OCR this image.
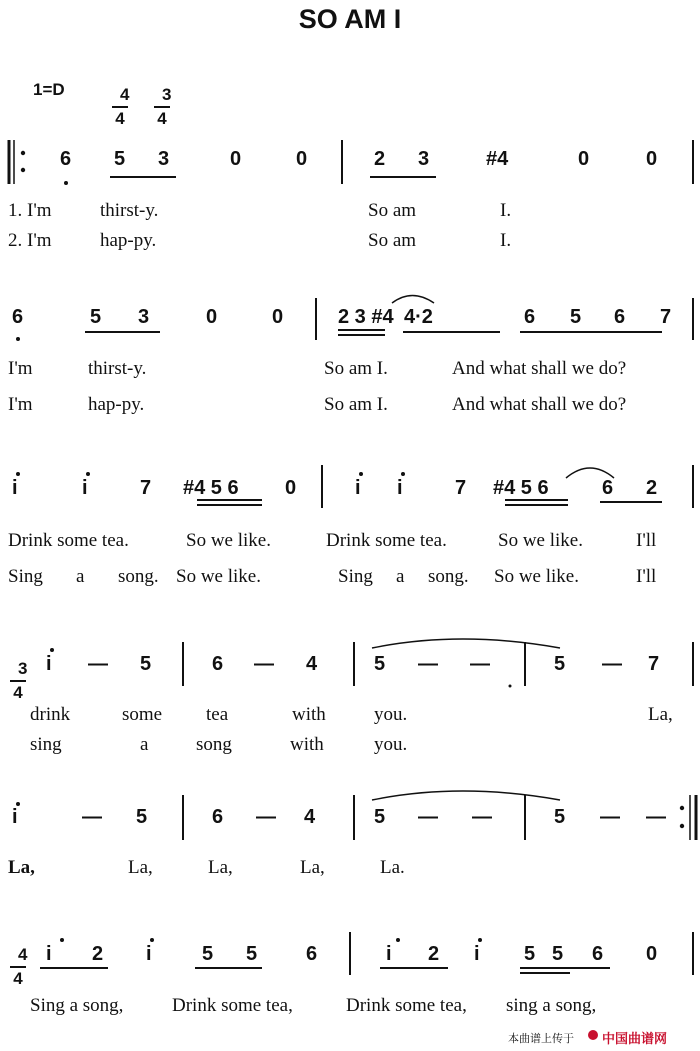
SO AM I
1=D	4
4

3
4

6 5 3	0	0	2 3	#4	0	0
1. I'm	thirst-y.	So am	I.
2. I'm	hap-py.	So am	I.
6	5 3	0	0	2 3 #4 4·2	6 5 6 7
I'm	thirst-y.	So am I.	And what shall we do?
I'm	hap-py.	So am I.	And what shall we do?
i	i	7 #4 5 6 0	i i	7 #4 5 6	6 2
Drink some tea.	So we like.	Drink some tea.	So we like.	I'll
Sing a song. So we like.	Sing a song. So we like.	I'll

3
4

i — 5	6 — 4	5 — —	5 — 7
drink	some tea	with	you.	La,
sing	a	song	with	you.
i	— 5	6 — 4	5 — —	5 — —
La,	La,	La,	La,	La.

4
4

i 2 i	5 5 6	i 2 i 5 5 6 0
Sing a song,	Drink some tea,	Drink some tea, sing a song,
本曲谱上传于 中国曲谱网
